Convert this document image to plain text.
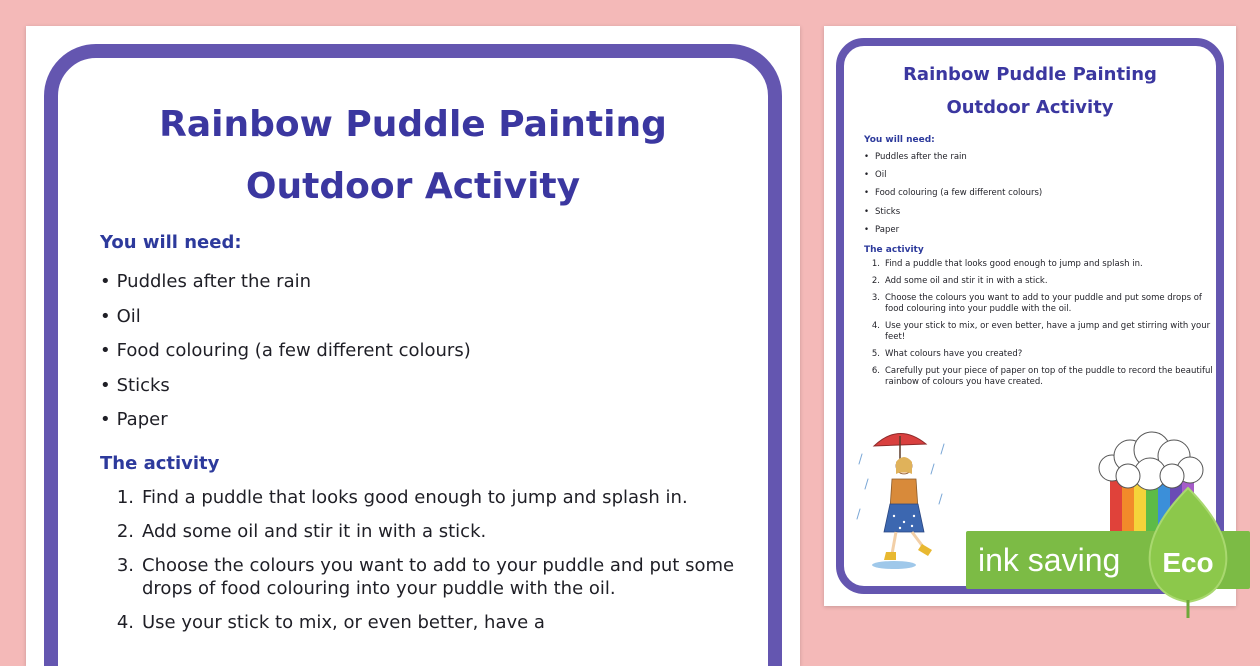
Rainbow Puddle Painting
Outdoor Activity
You will need:
• Puddles after the rain
• Oil
• Food colouring (a few different colours)
• Sticks
• Paper
The activity
1. Find a puddle that looks good enough to jump and splash in.
2. Add some oil and stir it in with a stick.
3. Choose the colours you want to add to your puddle and put some drops of food colouring into your puddle with the oil.
4. Use your stick to mix, or even better, have a
Rainbow Puddle Painting
Outdoor Activity
You will need:
• Puddles after the rain
• Oil
• Food colouring (a few different colours)
• Sticks
• Paper
The activity
1. Find a puddle that looks good enough to jump and splash in.
2. Add some oil and stir it in with a stick.
3. Choose the colours you want to add to your puddle and put some drops of food colouring into your puddle with the oil.
4. Use your stick to mix, or even better, have a jump and get stirring with your feet!
5. What colours have you created?
6. Carefully put your piece of paper on top of the puddle to record the beautiful rainbow of colours you have created.
ink saving Eco
